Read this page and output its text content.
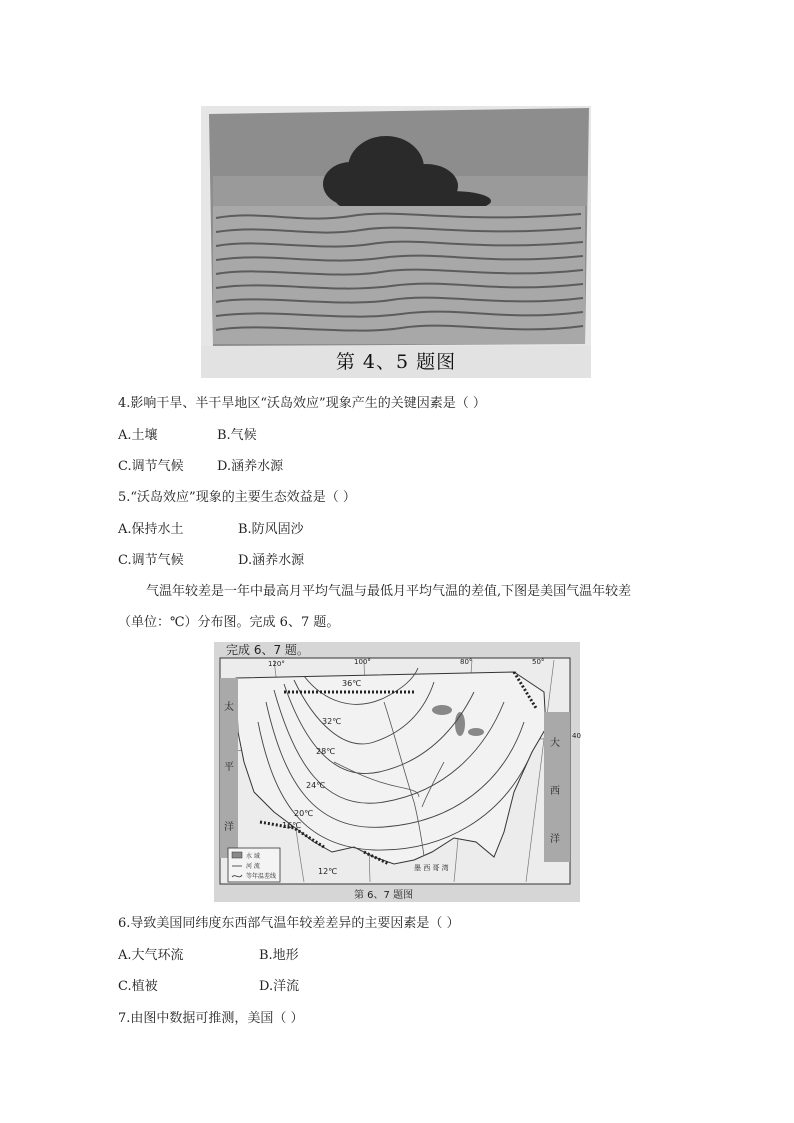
第 4、5 题图
4.影响干旱、半干旱地区“沃岛效应”现象产生的关键因素是（ ）
A.土壤	B.气候
C.调节气候	D.涵养水源
5.“沃岛效应”现象的主要生态效益是（ ）
A.保持水土	B.防风固沙
C.调节气候	D.涵养水源
气温年较差是一年中最高月平均气温与最低月平均气温的差值,下图是美国气温年较差
（单位：℃）分布图。完成 6、7 题。
完成 6、7 题。
120°	100°	80°	50°
40
36℃
32℃
28℃
24℃
20℃
16℃
12℃
太
平
洋
大
西
洋
墨 西 哥 湾
水 域
河 流
等年温差线
第 6、7 题图
6.导致美国同纬度东西部气温年较差差异的主要因素是（ ）
A.大气环流	B.地形
C.植被	D.洋流
7.由图中数据可推测，美国（ ）
